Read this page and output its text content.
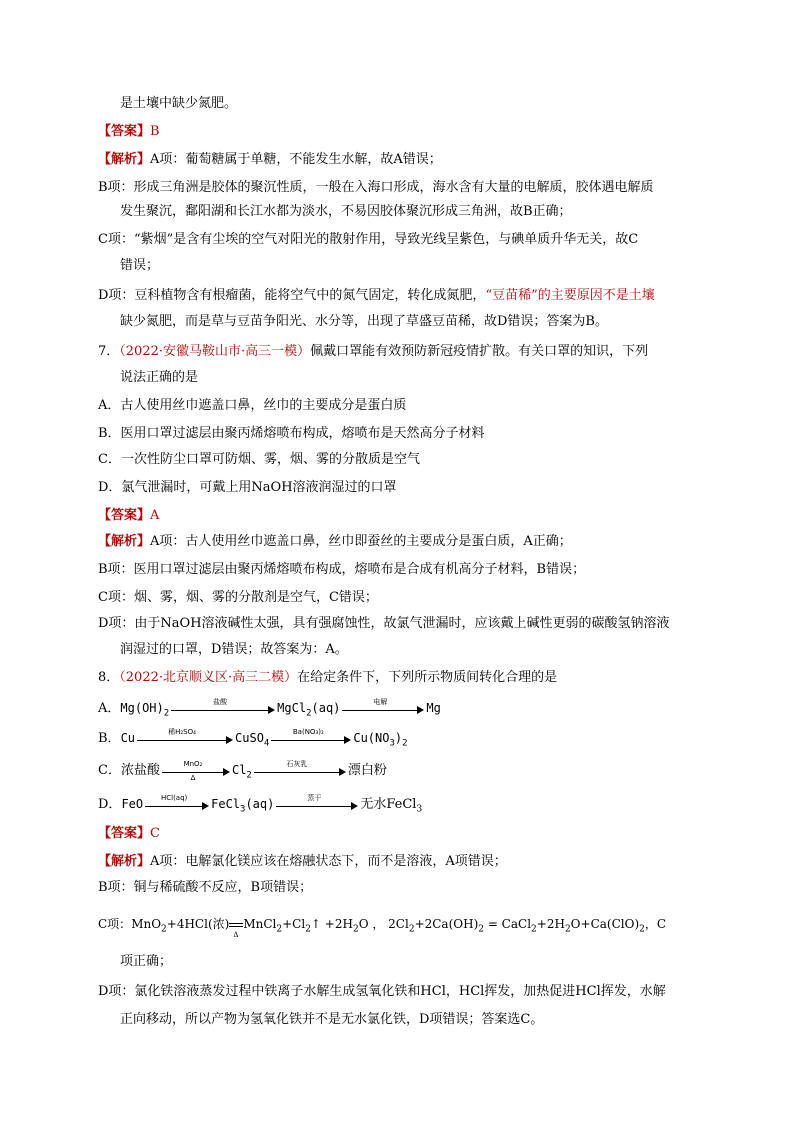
是土壤中缺少氮肥。
【答案】B
【解析】A项：葡萄糖属于单糖，不能发生水解，故A错误；
B项：形成三角洲是胶体的聚沉性质，一般在入海口形成，海水含有大量的电解质，胶体遇电解质
发生聚沉，鄱阳湖和长江水都为淡水，不易因胶体聚沉形成三角洲，故B正确；
C项：“紫烟”是含有尘埃的空气对阳光的散射作用，导致光线呈紫色，与碘单质升华无关，故C
错误；
D项：豆科植物含有根瘤菌，能将空气中的氮气固定，转化成氮肥，“豆苗稀”的主要原因不是土壤
缺少氮肥，而是草与豆苗争阳光、水分等，出现了草盛豆苗稀，故D错误；答案为B。
7．（2022·安徽马鞍山市·高三一模）佩戴口罩能有效预防新冠疫情扩散。有关口罩的知识，下列
说法正确的是
A．古人使用丝巾遮盖口鼻，丝巾的主要成分是蛋白质
B．医用口罩过滤层由聚丙烯熔喷布构成，熔喷布是天然高分子材料
C．一次性防尘口罩可防烟、雾，烟、雾的分散质是空气
D．氯气泄漏时，可戴上用NaOH溶液润湿过的口罩
【答案】A
【解析】A项：古人使用丝巾遮盖口鼻，丝巾即蚕丝的主要成分是蛋白质，A正确；
B项：医用口罩过滤层由聚丙烯熔喷布构成，熔喷布是合成有机高分子材料，B错误；
C项：烟、雾，烟、雾的分散剂是空气，C错误；
D项：由于NaOH溶液碱性太强，具有强腐蚀性，故氯气泄漏时，应该戴上碱性更弱的碳酸氢钠溶液
润湿过的口罩，D错误；故答案为：A。
8．（2022·北京顺义区·高三二模）在给定条件下，下列所示物质间转化合理的是
A．$Mg(OH)_2$
盐酸	MgCl$_2$(aq)	电解	Mg
B．Cu	稀H₂SO₄	CuSO$_4$
Ba(NO₃)₂	$Cu(NO_3)_2$
C．浓盐酸	MnO₂
Δ
$Cl_2$
石灰乳	漂白粉
D．FeO	HCl(aq)	FeCl$_3$(aq)	蒸干	无水FeCl$_3$
【答案】C
【解析】A项：电解氯化镁应该在熔融状态下，而不是溶液，A项错误；
B项：铜与稀硫酸不反应，B项错误；
C项：MnO$_2$+4HCl(浓)
Δ
$MnCl_2+Cl_2↑ +2H_2O$ ， $2Cl_2+2Ca(OH)_2$ = $CaCl_2+2H_2O+Ca(ClO)_2$，C
项正确；
D项：氯化铁溶液蒸发过程中铁离子水解生成氢氧化铁和HCl，HCl挥发，加热促进HCl挥发，水解
正向移动，所以产物为氢氧化铁并不是无水氯化铁，D项错误；答案选C。
